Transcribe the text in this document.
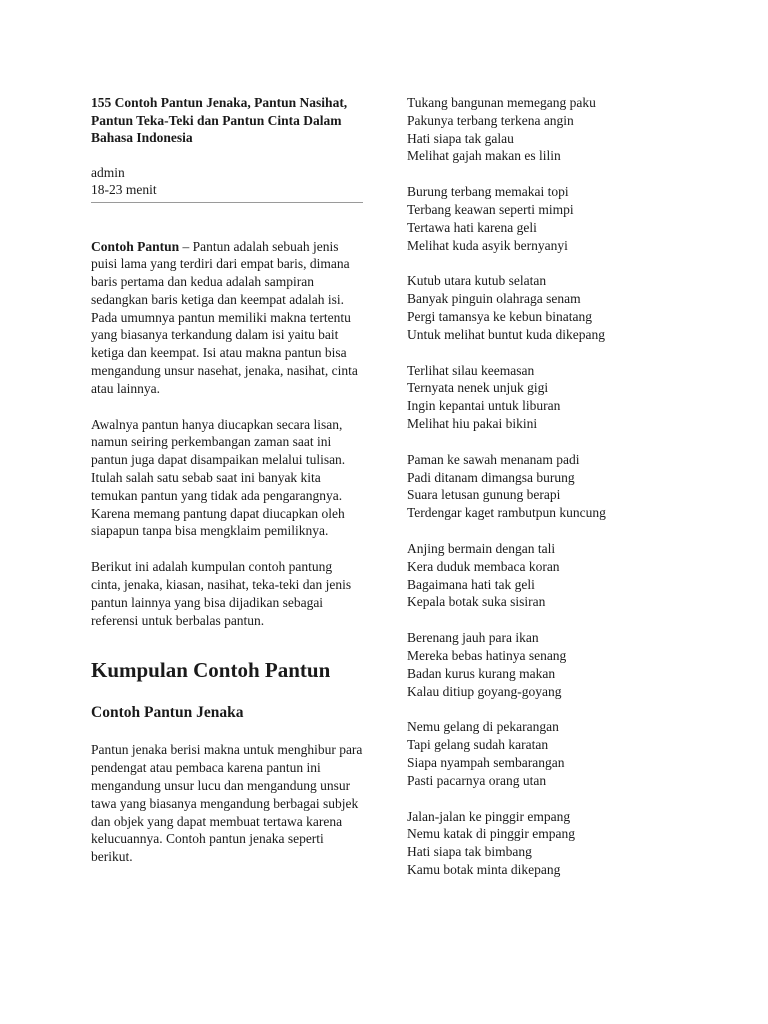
155 Contoh Pantun Jenaka, Pantun Nasihat, Pantun Teka-Teki dan Pantun Cinta Dalam Bahasa Indonesia
admin
18-23 menit

Contoh Pantun – Pantun adalah sebuah jenis puisi lama yang terdiri dari empat baris, dimana baris pertama dan kedua adalah sampiran sedangkan baris ketiga dan keempat adalah isi. Pada umumnya pantun memiliki makna tertentu yang biasanya terkandung dalam isi yaitu bait ketiga dan keempat. Isi atau makna pantun bisa mengandung unsur nasehat, jenaka, nasihat, cinta atau lainnya.

Awalnya pantun hanya diucapkan secara lisan, namun seiring perkembangan zaman saat ini pantun juga dapat disampaikan melalui tulisan. Itulah salah satu sebab saat ini banyak kita temukan pantun yang tidak ada pengarangnya. Karena memang pantung dapat diucapkan oleh siapapun tanpa bisa mengklaim pemiliknya.

Berikut ini adalah kumpulan contoh pantung cinta, jenaka, kiasan, nasihat, teka-teki dan jenis pantun lainnya yang bisa dijadikan sebagai referensi untuk berbalas pantun.

Kumpulan Contoh Pantun
Contoh Pantun Jenaka

Pantun jenaka berisi makna untuk menghibur para pendengat atau pembaca karena pantun ini mengandung unsur lucu dan mengandung unsur tawa yang biasanya mengandung berbagai subjek dan objek yang dapat membuat tertawa karena kelucuannya. Contoh pantun jenaka seperti berikut.

Tukang bangunan memegang paku
Pakunya terbang terkena angin
Hati siapa tak galau
Melihat gajah makan es lilin
Burung terbang memakai topi
Terbang keawan seperti mimpi
Tertawa hati karena geli
Melihat kuda asyik bernyanyi
Kutub utara kutub selatan
Banyak pinguin olahraga senam
Pergi tamansya ke kebun binatang
Untuk melihat buntut kuda dikepang
Terlihat silau keemasan
Ternyata nenek unjuk gigi
Ingin kepantai untuk liburan
Melihat hiu pakai bikini
Paman ke sawah menanam padi
Padi ditanam dimangsa burung
Suara letusan gunung berapi
Terdengar kaget rambutpun kuncung
Anjing bermain dengan tali
Kera duduk membaca koran
Bagaimana hati tak geli
Kepala botak suka sisiran
Berenang jauh para ikan
Mereka bebas hatinya senang
Badan kurus kurang makan
Kalau ditiup goyang-goyang
Nemu gelang di pekarangan
Tapi gelang sudah karatan
Siapa nyampah sembarangan
Pasti pacarnya orang utan
Jalan-jalan ke pinggir empang
Nemu katak di pinggir empang
Hati siapa tak bimbang
Kamu botak minta dikepang
